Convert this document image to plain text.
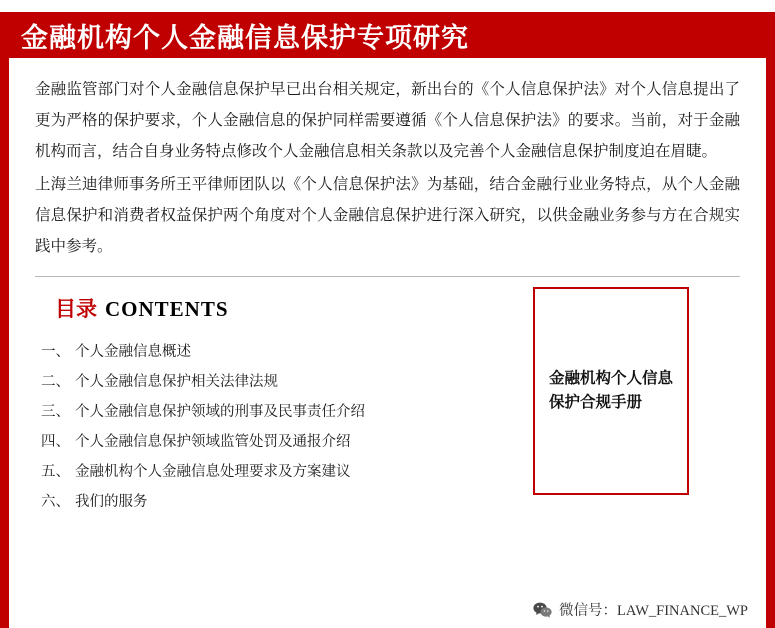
金融机构个人金融信息保护专项研究

金融监管部门对个人金融信息保护早已出台相关规定，新出台的《个人信息保护法》对个人信息提出了更为严格的保护要求，个人金融信息的保护同样需要遵循《个人信息保护法》的要求。当前，对于金融机构而言，结合自身业务特点修改个人金融信息相关条款以及完善个人金融信息保护制度迫在眉睫。

上海兰迪律师事务所王平律师团队以《个人信息保护法》为基础，结合金融行业业务特点，从个人金融信息保护和消费者权益保护两个角度对个人金融信息保护进行深入研究，以供金融业务参与方在合规实践中参考。

目录 CONTENTS
一、 个人金融信息概述
二、 个人金融信息保护相关法律法规
三、 个人金融信息保护领域的刑事及民事责任介绍
四、 个人金融信息保护领域监管处罚及通报介绍
五、 金融机构个人金融信息处理要求及方案建议
六、 我们的服务
金融机构个人信息保护合规手册
微信号：LAW_FINANCE_WP
